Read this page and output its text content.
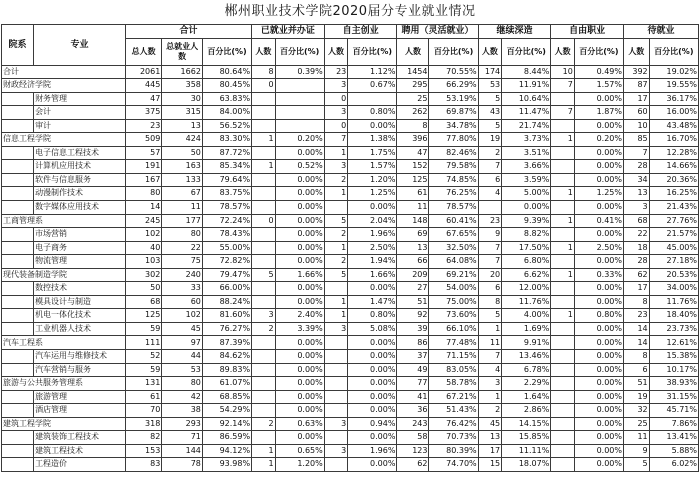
郴州职业技术学院2020届分专业就业情况
院系	专业	合计			已就业并办证		自主创业		聘用（灵活就业）		继续深造		自由职业		待就业	
		总人数	总就业人数	百分比(%)	人数	百分比(%)	人数	百分比(%)	人数	百分比(%)	人数	百分比(%)	人数	百分比(%)	人数	百分比(%)
合计		2061	1662	80.64%	8	0.39%	23	1.12%	1454	70.55%	174	8.44%	10	0.49%	392	19.02%
财政经济学院		445	358	80.45%	0		3	0.67%	295	66.29%	53	11.91%	7	1.57%	87	19.55%
	财务管理	47	30	63.83%			0		25	53.19%	5	10.64%		0.00%	17	36.17%
	会计	375	315	84.00%			3	0.80%	262	69.87%	43	11.47%	7	1.87%	60	16.00%
	审计	23	13	56.52%			0	0.00%	8	34.78%	5	21.74%		0.00%	10	43.48%
信息工程学院		509	424	83.30%	1	0.20%	7	1.38%	396	77.80%	19	3.73%	1	0.20%	85	16.70%
	电子信息工程技术	57	50	87.72%		0.00%	1	1.75%	47	82.46%	2	3.51%		0.00%	7	12.28%
	计算机应用技术	191	163	85.34%	1	0.52%	3	1.57%	152	79.58%	7	3.66%		0.00%	28	14.66%
	软件与信息服务	167	133	79.64%		0.00%	2	1.20%	125	74.85%	6	3.59%		0.00%	34	20.36%
	动漫制作技术	80	67	83.75%		0.00%	1	1.25%	61	76.25%	4	5.00%	1	1.25%	13	16.25%
	数字媒体应用技术	14	11	78.57%		0.00%		0.00%	11	78.57%		0.00%		0.00%	3	21.43%
工商管理系		245	177	72.24%	0	0.00%	5	2.04%	148	60.41%	23	9.39%	1	0.41%	68	27.76%
	市场营销	102	80	78.43%		0.00%	2	1.96%	69	67.65%	9	8.82%		0.00%	22	21.57%
	电子商务	40	22	55.00%		0.00%	1	2.50%	13	32.50%	7	17.50%	1	2.50%	18	45.00%
	物流管理	103	75	72.82%		0.00%	2	1.94%	66	64.08%	7	6.80%		0.00%	28	27.18%
现代装备制造学院		302	240	79.47%	5	1.66%	5	1.66%	209	69.21%	20	6.62%	1	0.33%	62	20.53%
	数控技术	50	33	66.00%		0.00%		0.00%	27	54.00%	6	12.00%		0.00%	17	34.00%
	模具设计与制造	68	60	88.24%		0.00%	1	1.47%	51	75.00%	8	11.76%		0.00%	8	11.76%
	机电一体化技术	125	102	81.60%	3	2.40%	1	0.80%	92	73.60%	5	4.00%	1	0.80%	23	18.40%
	工业机器人技术	59	45	76.27%	2	3.39%	3	5.08%	39	66.10%	1	1.69%		0.00%	14	23.73%
汽车工程系		111	97	87.39%		0.00%		0.00%	86	77.48%	11	9.91%		0.00%	14	12.61%
	汽车运用与维修技术	52	44	84.62%		0.00%		0.00%	37	71.15%	7	13.46%		0.00%	8	15.38%
	汽车营销与服务	59	53	89.83%		0.00%		0.00%	49	83.05%	4	6.78%		0.00%	6	10.17%
旅游与公共服务管理系		131	80	61.07%		0.00%		0.00%	77	58.78%	3	2.29%		0.00%	51	38.93%
	旅游管理	61	42	68.85%		0.00%		0.00%	41	67.21%	1	1.64%		0.00%	19	31.15%
	酒店管理	70	38	54.29%		0.00%		0.00%	36	51.43%	2	2.86%		0.00%	32	45.71%
建筑工程学院		318	293	92.14%	2	0.63%	3	0.94%	243	76.42%	45	14.15%		0.00%	25	7.86%
	建筑装饰工程技术	82	71	86.59%		0.00%		0.00%	58	70.73%	13	15.85%		0.00%	11	13.41%
	建筑工程技术	153	144	94.12%	1	0.65%	3	1.96%	123	80.39%	17	11.11%		0.00%	9	5.88%
	工程造价	83	78	93.98%	1	1.20%		0.00%	62	74.70%	15	18.07%		0.00%	5	6.02%
